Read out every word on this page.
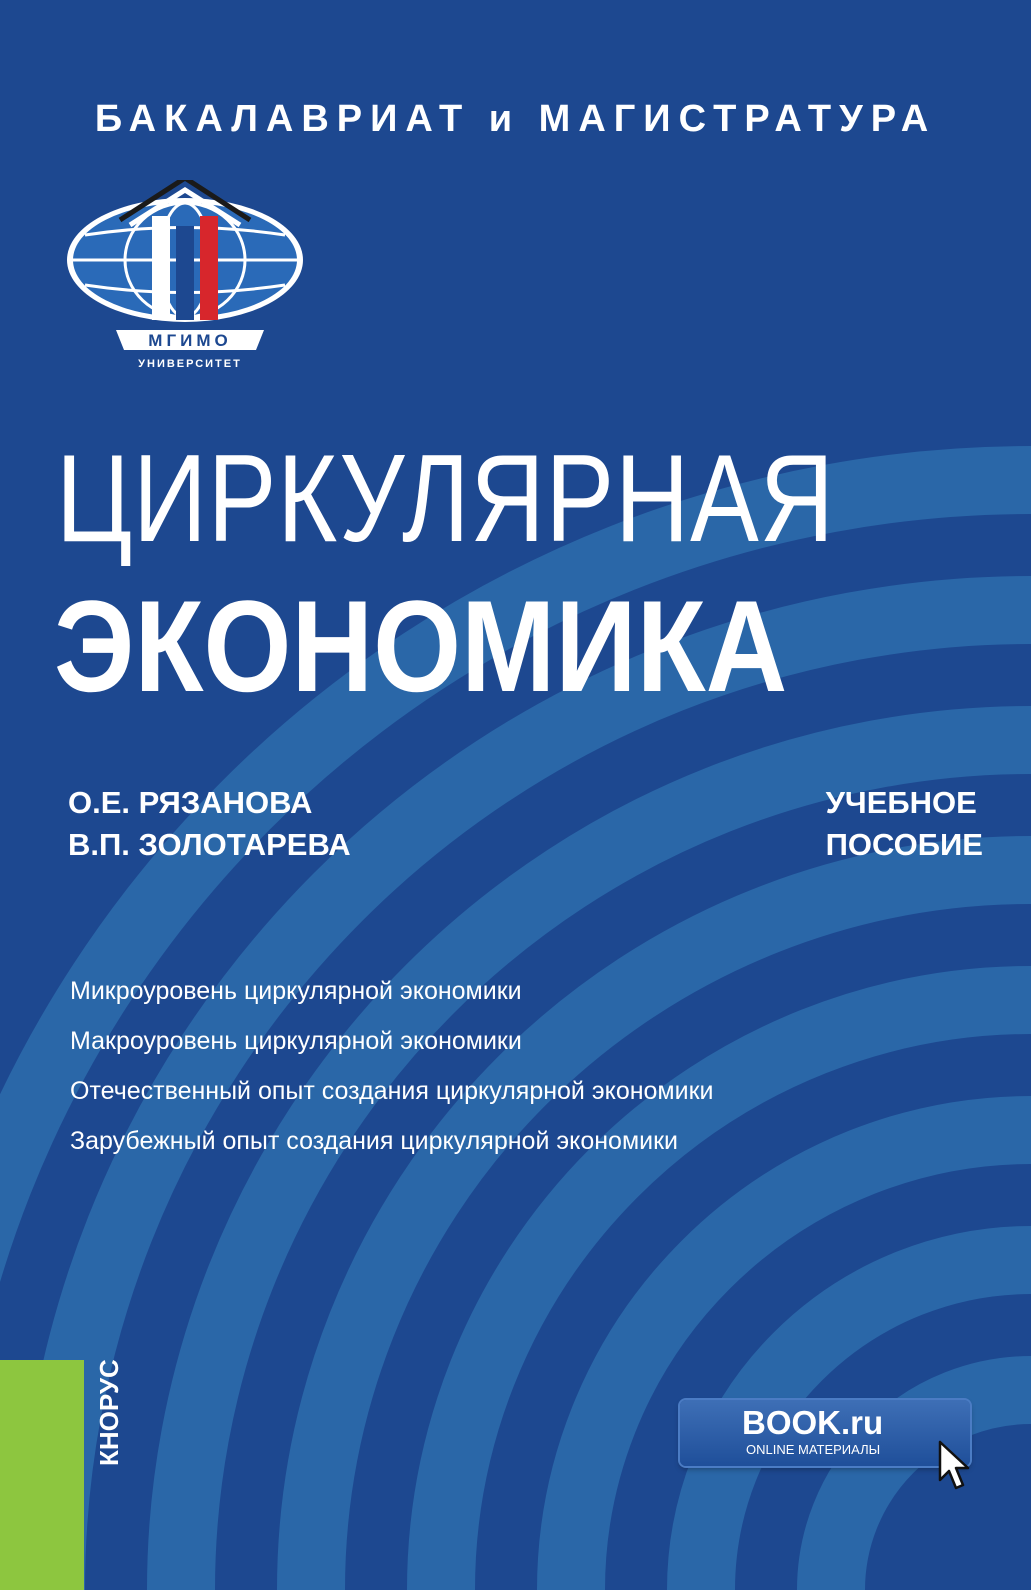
БАКАЛАВРИАТ и МАГИСТРАТУРА
МГИМО
УНИВЕРСИТЕТ
ЦИРКУЛЯРНАЯ
ЭКОНОМИКА
О.Е. РЯЗАНОВА
В.П. ЗОЛОТАРЕВА
УЧЕБНОЕ
ПОСОБИЕ
Микроуровень циркулярной экономики
Макроуровень циркулярной экономики
Отечественный опыт создания циркулярной экономики
Зарубежный опыт создания циркулярной экономики
КНОРУС	BOOK.ru
ONLINE МАТЕРИАЛЫ
